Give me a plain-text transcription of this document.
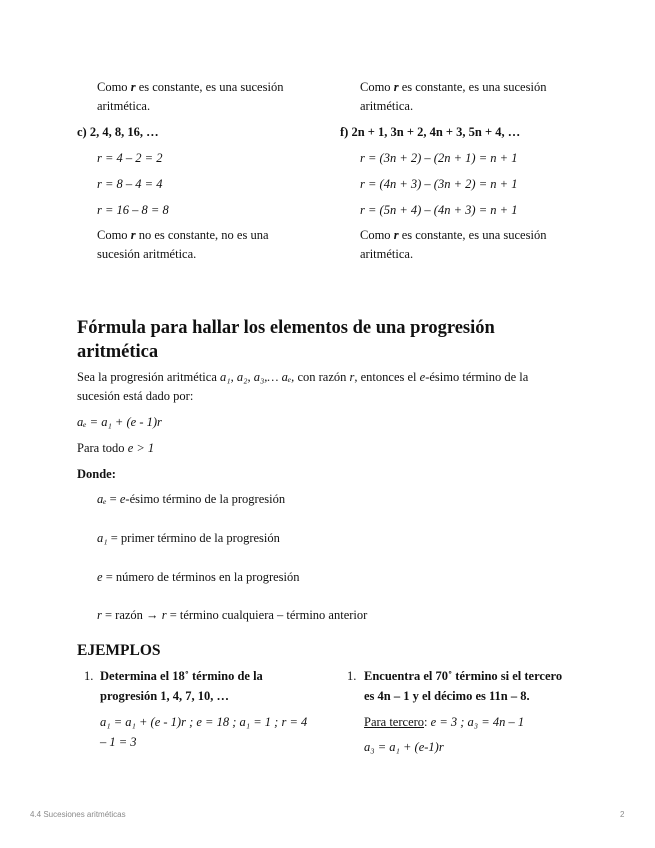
Como r es constante, es una sucesión
aritmética.
c) 2, 4, 8, 16, …
r = 4 – 2 = 2
r = 8 – 4 = 4
r = 16 – 8 = 8
Como r no es constante, no es una
sucesión aritmética.
Como r es constante, es una sucesión
aritmética.
f) 2n + 1, 3n + 2, 4n + 3, 5n + 4, …
r = (3n + 2) – (2n + 1) = n + 1
r = (4n + 3) – (3n + 2) = n + 1
r = (5n + 4) – (4n + 3) = n + 1
Como r es constante, es una sucesión
aritmética.
Fórmula para hallar los elementos de una progresión
aritmética
Sea la progresión aritmética a₁, a₂, a₃,… aₑ, con razón r, entonces el e-ésimo término de la
sucesión está dado por:
aₑ = a₁ + (e - 1)r
Para todo e > 1
Donde:
aₑ = e-ésimo término de la progresión
a₁ = primer término de la progresión
e = número de términos en la progresión
r = razón → r = término cualquiera – término anterior
EJEMPLOS
1. Determina el 18˚ término de la
progresión 1, 4, 7, 10, …
a₁ = a₁ + (e - 1)r ; e = 18 ; a₁ = 1 ; r = 4
– 1 = 3
1. Encuentra el 70˚ término si el tercero
es 4n – 1 y el décimo es 11n – 8.
Para tercero: e = 3 ; a₃ = 4n – 1
a₃ = a₁ + (e-1)r
4.4 Sucesiones aritméticas	2
